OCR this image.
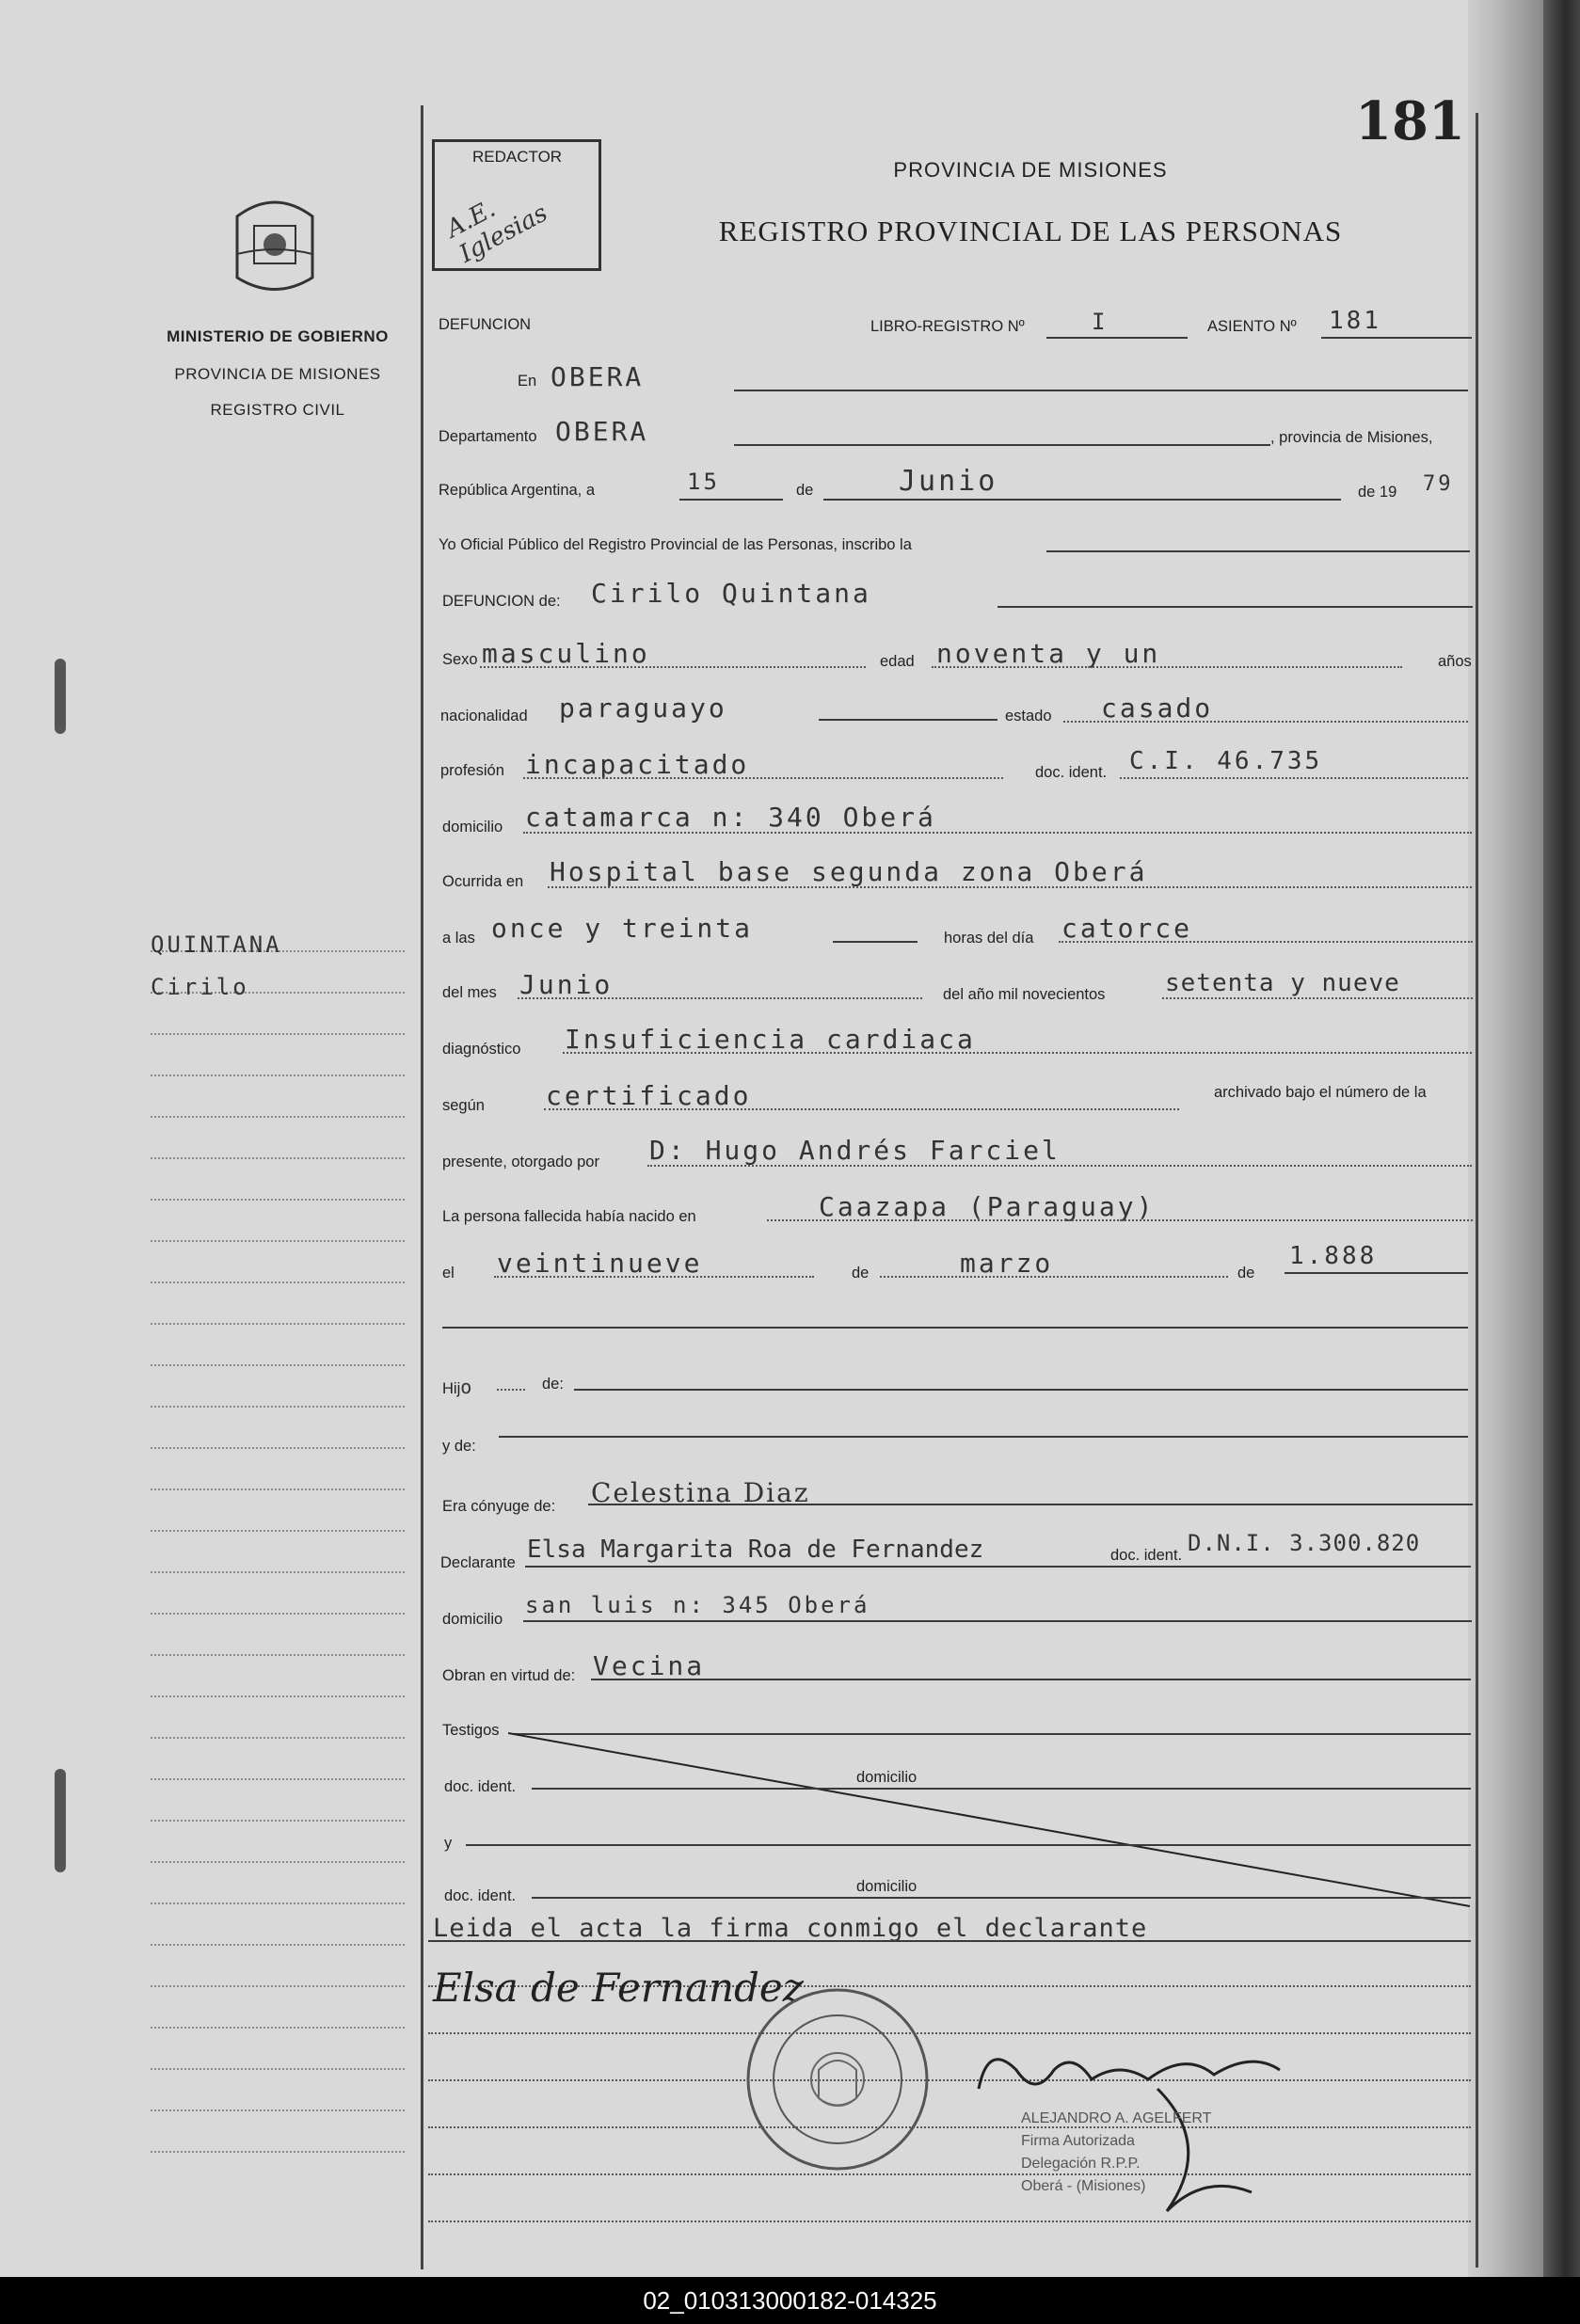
MINISTERIO DE GOBIERNO
PROVINCIA DE MISIONES
REGISTRO CIVIL
QUINTANA
Cirilo
REDACTOR
A.E. Iglesias
181
PROVINCIA DE MISIONES
REGISTRO PROVINCIAL DE LAS PERSONAS
DEFUNCION	LIBRO-REGISTRO Nº	I	ASIENTO Nº 181
En OBERA
Departamento OBERA	, provincia de Misiones,
República Argentina, a	15	de	Junio	de 19 79
Yo Oficial Público del Registro Provincial de las Personas, inscribo la
DEFUNCION de: Cirilo Quintana
Sexo masculino	edad noventa y un	años
nacionalidad paraguayo	estado casado
profesión incapacitado	doc. ident. C.I. 46.735
domicilio catamarca n: 340 Oberá
Ocurrida en Hospital base segunda zona Oberá
a las once y treinta	horas del día catorce
del mes Junio	del año mil novecientos setenta y nueve
diagnóstico Insuficiencia cardiaca
según certificado	archivado bajo el número de la
presente, otorgado por D: Hugo Andrés Farciel
La persona fallecida había nacido en	Caazapa (Paraguay)
el veintinueve	de	marzo	de
1.888
Hijo	de:
y de:
Era cónyuge de: Celestina Diaz
Declarante Elsa Margarita Roa de Fernandez	doc. ident. D.N.I. 3.300.820
domicilio
san luis n: 345 Oberá
Obran en virtud de: Vecina
Testigos
doc. ident.
domicilio
y
doc. ident.
domicilio
Leida el acta la firma conmigo el declarante
Elsa de Fernandez
ALEJANDRO A. AGELFERT
Firma Autorizada
Delegación R.P.P.
Oberá - (Misiones)
02_010313000182-014325
